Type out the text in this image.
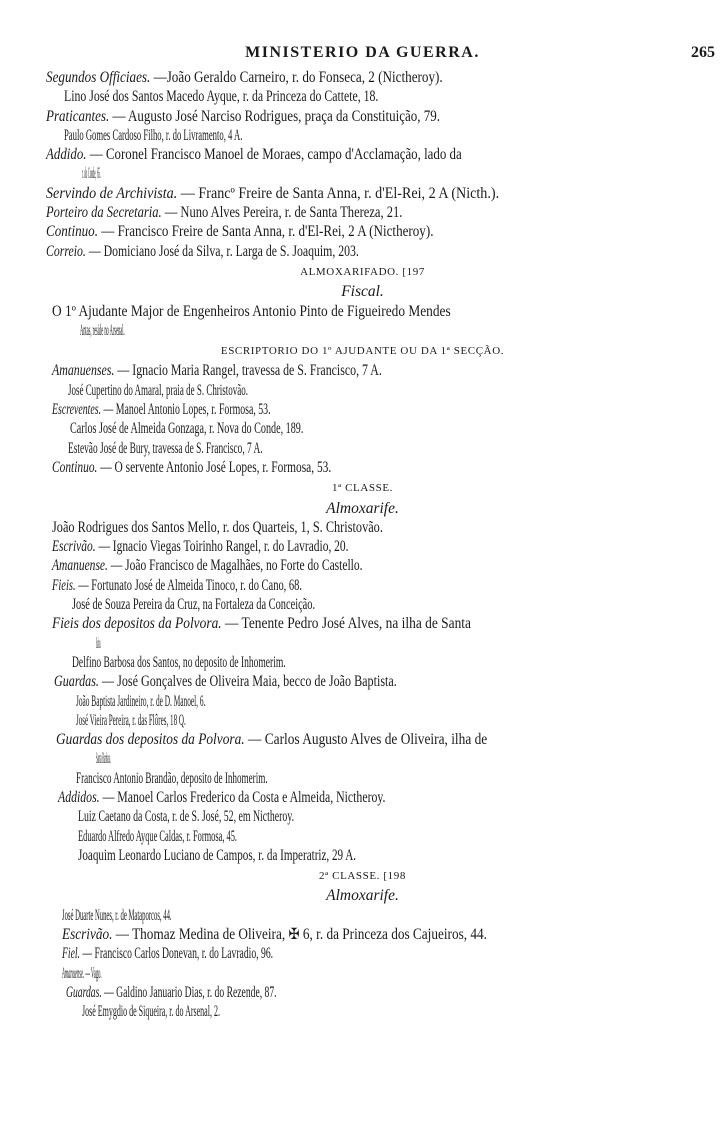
MINISTERIO DA GUERRA.	265
Segundos Officiaes. —João Geraldo Carneiro, r. do Fonseca, 2 (Nictheroy).
Lino José dos Santos Macedo Ayque, r. da Princeza do Cattete, 18.
Praticantes. — Augusto José Narciso Rodrigues, praça da Constituição, 79.
Paulo Gomes Cardoso Filho, r. do Livramento, 4 A.
Addido. — Coronel Francisco Manoel de Moraes, campo d'Acclamação, lado da
r. do Conde, 65.
Servindo de Archivista. — Francº Freire de Santa Anna, r. d'El-Rei, 2 A (Nicth.).
Porteiro da Secretaria. — Nuno Alves Pereira, r. de Santa Thereza, 21.
Continuo. — Francisco Freire de Santa Anna, r. d'El-Rei, 2 A (Nictheroy).
Correio. — Domiciano José da Silva, r. Larga de S. Joaquim, 203.
ALMOXARIFADO. [197
Fiscal.
O 1º Ajudante Major de Engenheiros Antonio Pinto de Figueiredo Mendes
Antas, reside no Arsenal.
ESCRIPTORIO DO 1º AJUDANTE OU DA 1ª SECÇÃO.
Amanuenses. — Ignacio Maria Rangel, travessa de S. Francisco, 7 A.
José Cupertino do Amaral, praia de S. Christovão.
Escreventes. — Manoel Antonio Lopes, r. Formosa, 53.
Carlos José de Almeida Gonzaga, r. Nova do Conde, 189.
Estevão José de Bury, travessa de S. Francisco, 7 A.
Continuo. — O servente Antonio José Lopes, r. Formosa, 53.
1ª CLASSE.
Almoxarife.
João Rodrigues dos Santos Mello, r. dos Quarteis, 1, S. Christovão.
Escrivão. — Ignacio Viegas Toirinho Rangel, r. do Lavradio, 20.
Amanuense. — João Francisco de Magalhães, no Forte do Castello.
Fieis. — Fortunato José de Almeida Tinoco, r. do Cano, 68.
José de Souza Pereira da Cruz, na Fortaleza da Conceição.
Fieis dos depositos da Polvora. — Tenente Pedro José Alves, na ilha de Santa
Barbara.
Delfino Barbosa dos Santos, no deposito de Inhomerim.
Guardas. — José Gonçalves de Oliveira Maia, becco de João Baptista.
João Baptista Jardineiro, r. de D. Manoel, 6.
José Vieira Pereira, r. das Flôres, 18 Q.
Guardas dos depositos da Polvora. — Carlos Augusto Alves de Oliveira, ilha de
Santa Barbara.
Francisco Antonio Brandão, deposito de Inhomerim.
Addidos. — Manoel Carlos Frederico da Costa e Almeida, Nictheroy.
Luiz Caetano da Costa, r. de S. José, 52, em Nictheroy.
Eduardo Alfredo Ayque Caldas, r. Formosa, 45.
Joaquim Leonardo Luciano de Campos, r. da Imperatriz, 29 A.
2ª CLASSE. [198
Almoxarife.
José Duarte Nunes, r. de Mataporcos, 44.
Escrivão. — Thomaz Medina de Oliveira, ✠ 6, r. da Princeza dos Cajueiros, 44.
Fiel. — Francisco Carlos Donevan, r. do Lavradio, 96.
Amanuense. — Vago.
Guardas. — Galdino Januario Dias, r. do Rezende, 87.
José Emygdio de Siqueira, r. do Arsenal, 2.
